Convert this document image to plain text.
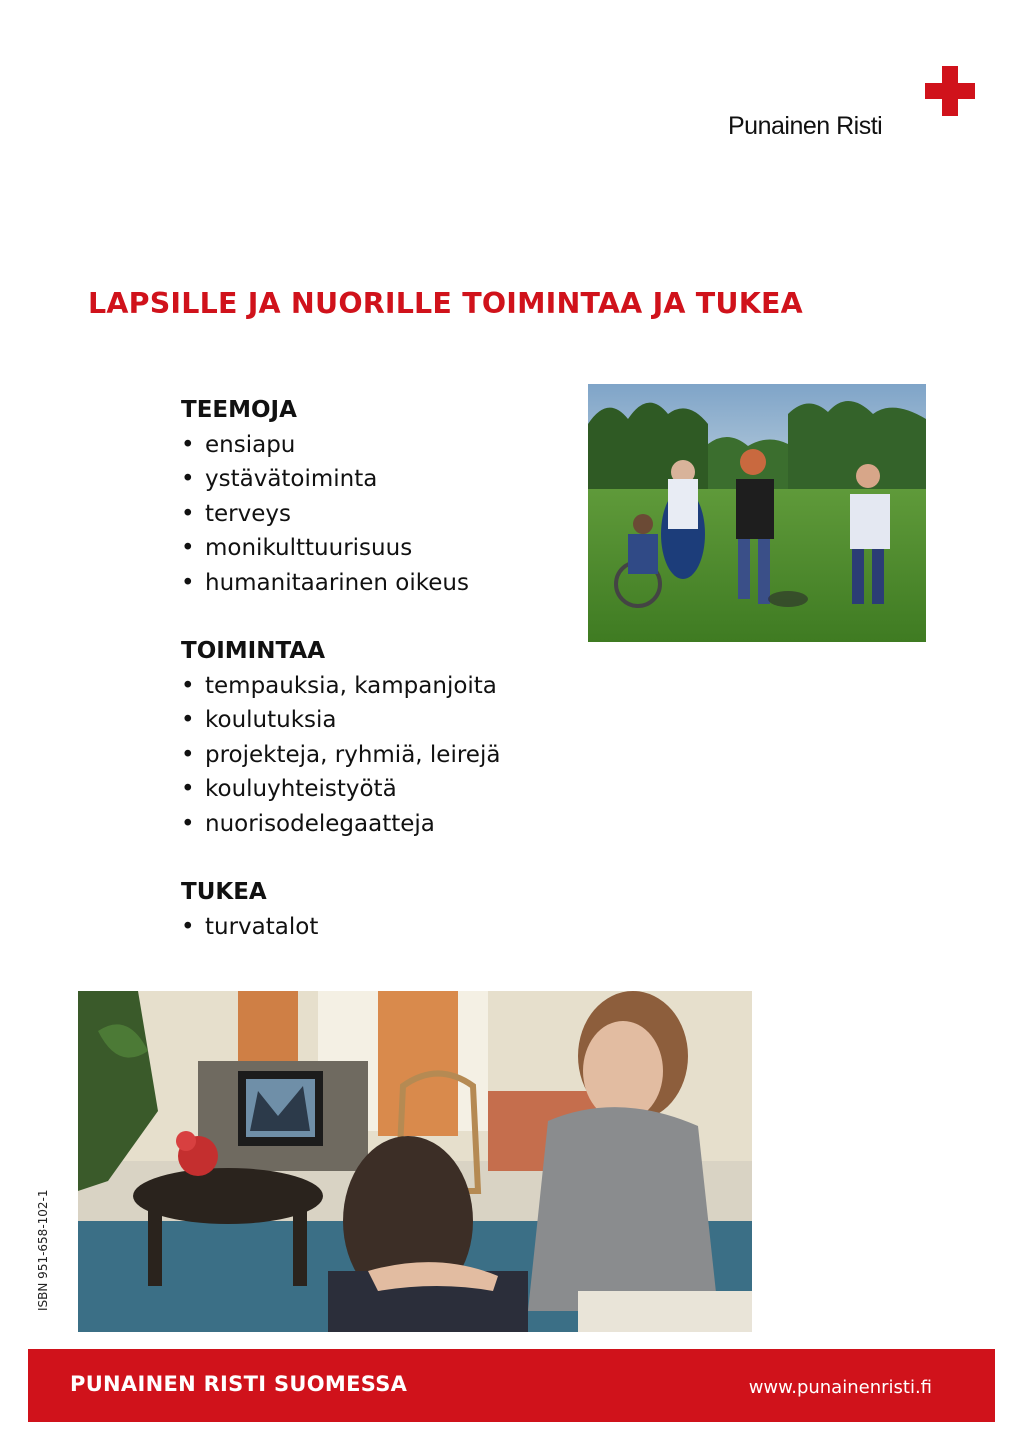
Punainen Risti
LAPSILLE JA NUORILLE TOIMINTAA JA TUKEA
TEEMOJA
• ensiapu
• ystävätoiminta
• terveys
• monikulttuurisuus
• humanitaarinen oikeus
TOIMINTAA
• tempauksia, kampanjoita
• koulutuksia
• projekteja, ryhmiä, leirejä
• kouluyhteistyötä
• nuorisodelegaatteja
TUKEA
• turvatalot
ISBN 951-658-102-1
PUNAINEN RISTI SUOMESSA	www.punainenristi.fi
